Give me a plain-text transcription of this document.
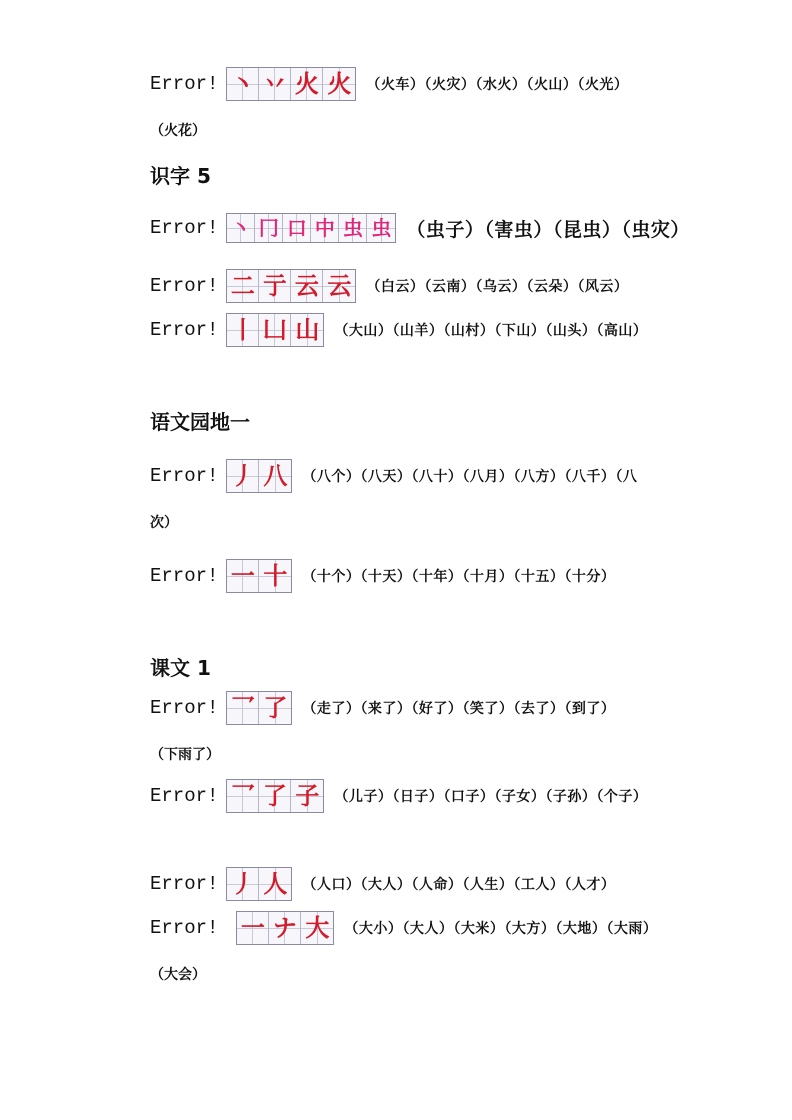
Error! 丶 丷 火 火 （火车）（火灾）（水火）（火山）（火光）
（火花）
识字 5
Error! 丶 冂 口 中 虫 虫 （虫子）（害虫）（昆虫）（虫灾）
Error! 二 亍 云 云 （白云）（云南）（乌云）（云朵）（风云）
Error! 丨 凵 山 （大山）（山羊）（山村）（下山）（山头）（高山）
语文园地一
Error! 丿 八 （八个）（八天）（八十）（八月）（八方）（八千）（八
次）
Error! 一 十 （十个）（十天）（十年）（十月）（十五）（十分）
课文 1
Error! 乛 了 （走了）（来了）（好了）（笑了）（去了）（到了）
（下雨了）
Error! 乛 了 子 （儿子）（日子）（口子）（子女）（子孙）（个子）
Error! 丿 人 （人口）（大人）（人命）（人生）（工人）（人才）
Error! 一 ナ 大 （大小）（大人）（大米）（大方）（大地）（大雨）
（大会）
